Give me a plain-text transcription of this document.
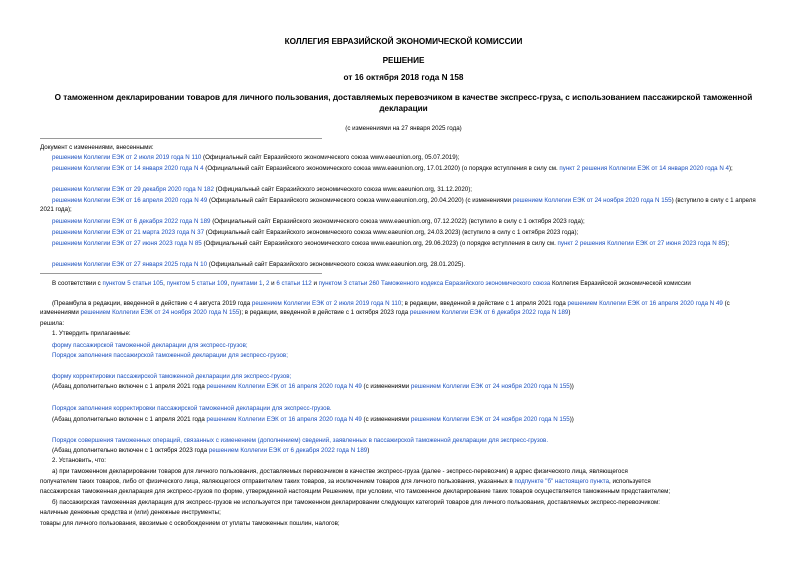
КОЛЛЕГИЯ ЕВРАЗИЙСКОЙ ЭКОНОМИЧЕСКОЙ КОМИССИИ
РЕШЕНИЕ
от 16 октября 2018 года N 158
О таможенном декларировании товаров для личного пользования, доставляемых перевозчиком в качестве экспресс-груза, с использованием пассажирской таможенной декларации
(с изменениями на 27 января 2025 года)
Документ с изменениями, внесенными:
решением Коллегии ЕЭК от 2 июля 2019 года N 110 (Официальный сайт Евразийского экономического союза www.eaeunion.org, 05.07.2019);
решением Коллегии ЕЭК от 14 января 2020 года N 4 (Официальный сайт Евразийского экономического союза www.eaeunion.org, 17.01.2020) (о порядке вступления в силу см. пункт 2 решения Коллегии ЕЭК от 14 января 2020 года N 4);
решением Коллегии ЕЭК от 29 декабря 2020 года N 182 (Официальный сайт Евразийского экономического союза www.eaeunion.org, 31.12.2020);
решением Коллегии ЕЭК от 16 апреля 2020 года N 49 (Официальный сайт Евразийского экономического союза www.eaeunion.org, 20.04.2020) (с изменениями решением Коллегии ЕЭК от 24 ноября 2020 года N 155) (вступило в силу с 1 апреля 2021 года);
решением Коллегии ЕЭК от 6 декабря 2022 года N 189 (Официальный сайт Евразийского экономического союза www.eaeunion.org, 07.12.2022) (вступило в силу с 1 октября 2023 года);
решением Коллегии ЕЭК от 21 марта 2023 года N 37 (Официальный сайт Евразийского экономического союза www.eaeunion.org, 24.03.2023) (вступило в силу с 1 октября 2023 года);
решением Коллегии ЕЭК от 27 июня 2023 года N 85 (Официальный сайт Евразийского экономического союза www.eaeunion.org, 29.06.2023) (о порядке вступления в силу см. пункт 2 решения Коллегии ЕЭК от 27 июня 2023 года N 85);
решением Коллегии ЕЭК от 27 января 2025 года N 10 (Официальный сайт Евразийского экономического союза www.eaeunion.org, 28.01.2025).
В соответствии с пунктом 5 статьи 105, пунктом 5 статьи 109, пунктами 1, 2 и 6 статьи 112 и пунктом 3 статьи 260 Таможенного кодекса Евразийского экономического союза Коллегия Евразийской экономической комиссии
(Преамбула в редакции, введенной в действие с 4 августа 2019 года решением Коллегии ЕЭК от 2 июля 2019 года N 110; в редакции, введенной в действие с 1 апреля 2021 года решением Коллегии ЕЭК от 16 апреля 2020 года N 49 (с изменениями решением Коллегии ЕЭК от 24 ноября 2020 года N 155); в редакции, введенной в действие с 1 октября 2023 года решением Коллегии ЕЭК от 6 декабря 2022 года N 189)
решила:
1. Утвердить прилагаемые:
форму пассажирской таможенной декларации для экспресс-грузов;
Порядок заполнения пассажирской таможенной декларации для экспресс-грузов;
форму корректировки пассажирской таможенной декларации для экспресс-грузов;
(Абзац дополнительно включен с 1 апреля 2021 года решением Коллегии ЕЭК от 16 апреля 2020 года N 49 (с изменениями решением Коллегии ЕЭК от 24 ноября 2020 года N 155))
Порядок заполнения корректировки пассажирской таможенной декларации для экспресс-грузов.
(Абзац дополнительно включен с 1 апреля 2021 года решением Коллегии ЕЭК от 16 апреля 2020 года N 49 (с изменениями решением Коллегии ЕЭК от 24 ноября 2020 года N 155))
Порядок совершения таможенных операций, связанных с изменением (дополнением) сведений, заявленных в пассажирской таможенной декларации для экспресс-грузов.
(Абзац дополнительно включен с 1 октября 2023 года решением Коллегии ЕЭК от 6 декабря 2022 года N 189)
2. Установить, что:
а) при таможенном декларировании товаров для личного пользования, доставляемых перевозчиком в качестве экспресс-груза (далее - экспресс-перевозчик) в адрес физического лица, являющегося
получателем таких товаров, либо от физического лица, являющегося отправителем таких товаров, за исключением товаров для личного пользования, указанных в подпункте "б" настоящего пункта, используется
пассажирская таможенная декларация для экспресс-грузов по форме, утвержденной настоящим Решением, при условии, что таможенное декларирование таких товаров осуществляется таможенным представителем;
б) пассажирская таможенная декларация для экспресс-грузов не используется при таможенном декларировании следующих категорий товаров для личного пользования, доставляемых экспресс-перевозчиком:
наличные денежные средства и (или) денежные инструменты;
товары для личного пользования, ввозимые с освобождением от уплаты таможенных пошлин, налогов;
